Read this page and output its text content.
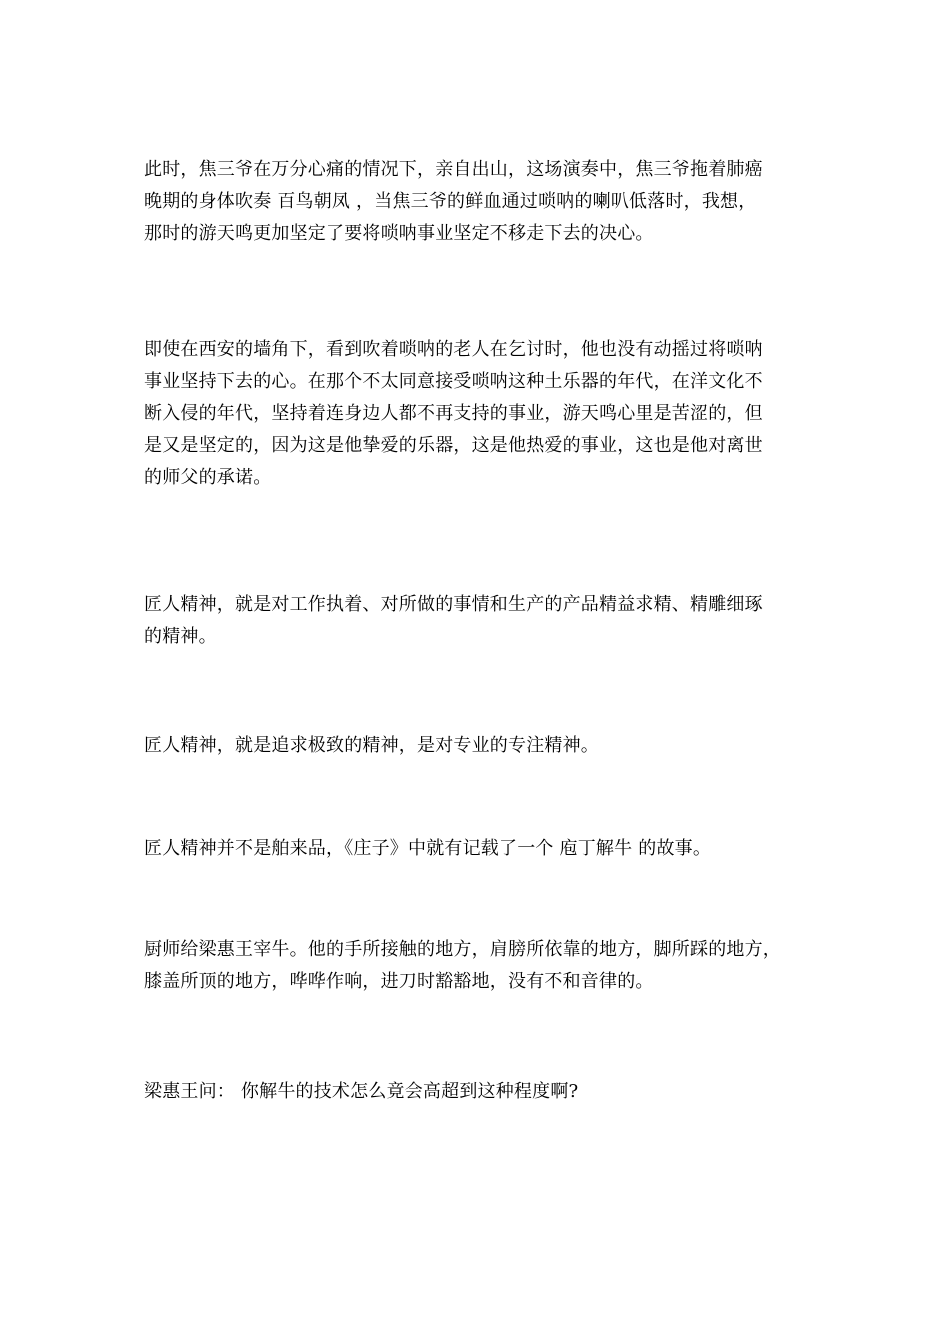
此时，焦三爷在万分心痛的情况下，亲自出山，这场演奏中，焦三爷拖着肺癌
晚期的身体吹奏 百鸟朝凤 ，当焦三爷的鲜血通过唢呐的喇叭低落时，我想，
那时的游天鸣更加坚定了要将唢呐事业坚定不移走下去的决心。
即使在西安的墙角下，看到吹着唢呐的老人在乞讨时，他也没有动摇过将唢呐
事业坚持下去的心。在那个不太同意接受唢呐这种土乐器的年代，在洋文化不
断入侵的年代，坚持着连身边人都不再支持的事业，游天鸣心里是苦涩的，但
是又是坚定的，因为这是他挚爱的乐器，这是他热爱的事业，这也是他对离世
的师父的承诺。
匠人精神，就是对工作执着、对所做的事情和生产的产品精益求精、精雕细琢
的精神。
匠人精神，就是追求极致的精神，是对专业的专注精神。
匠人精神并不是舶来品，《庄子》中就有记载了一个 庖丁解牛 的故事。
厨师给梁惠王宰牛。他的手所接触的地方，肩膀所依靠的地方，脚所踩的地方，
膝盖所顶的地方，哗哗作响，进刀时豁豁地，没有不和音律的。
梁惠王问： 你解牛的技术怎么竟会高超到这种程度啊?
